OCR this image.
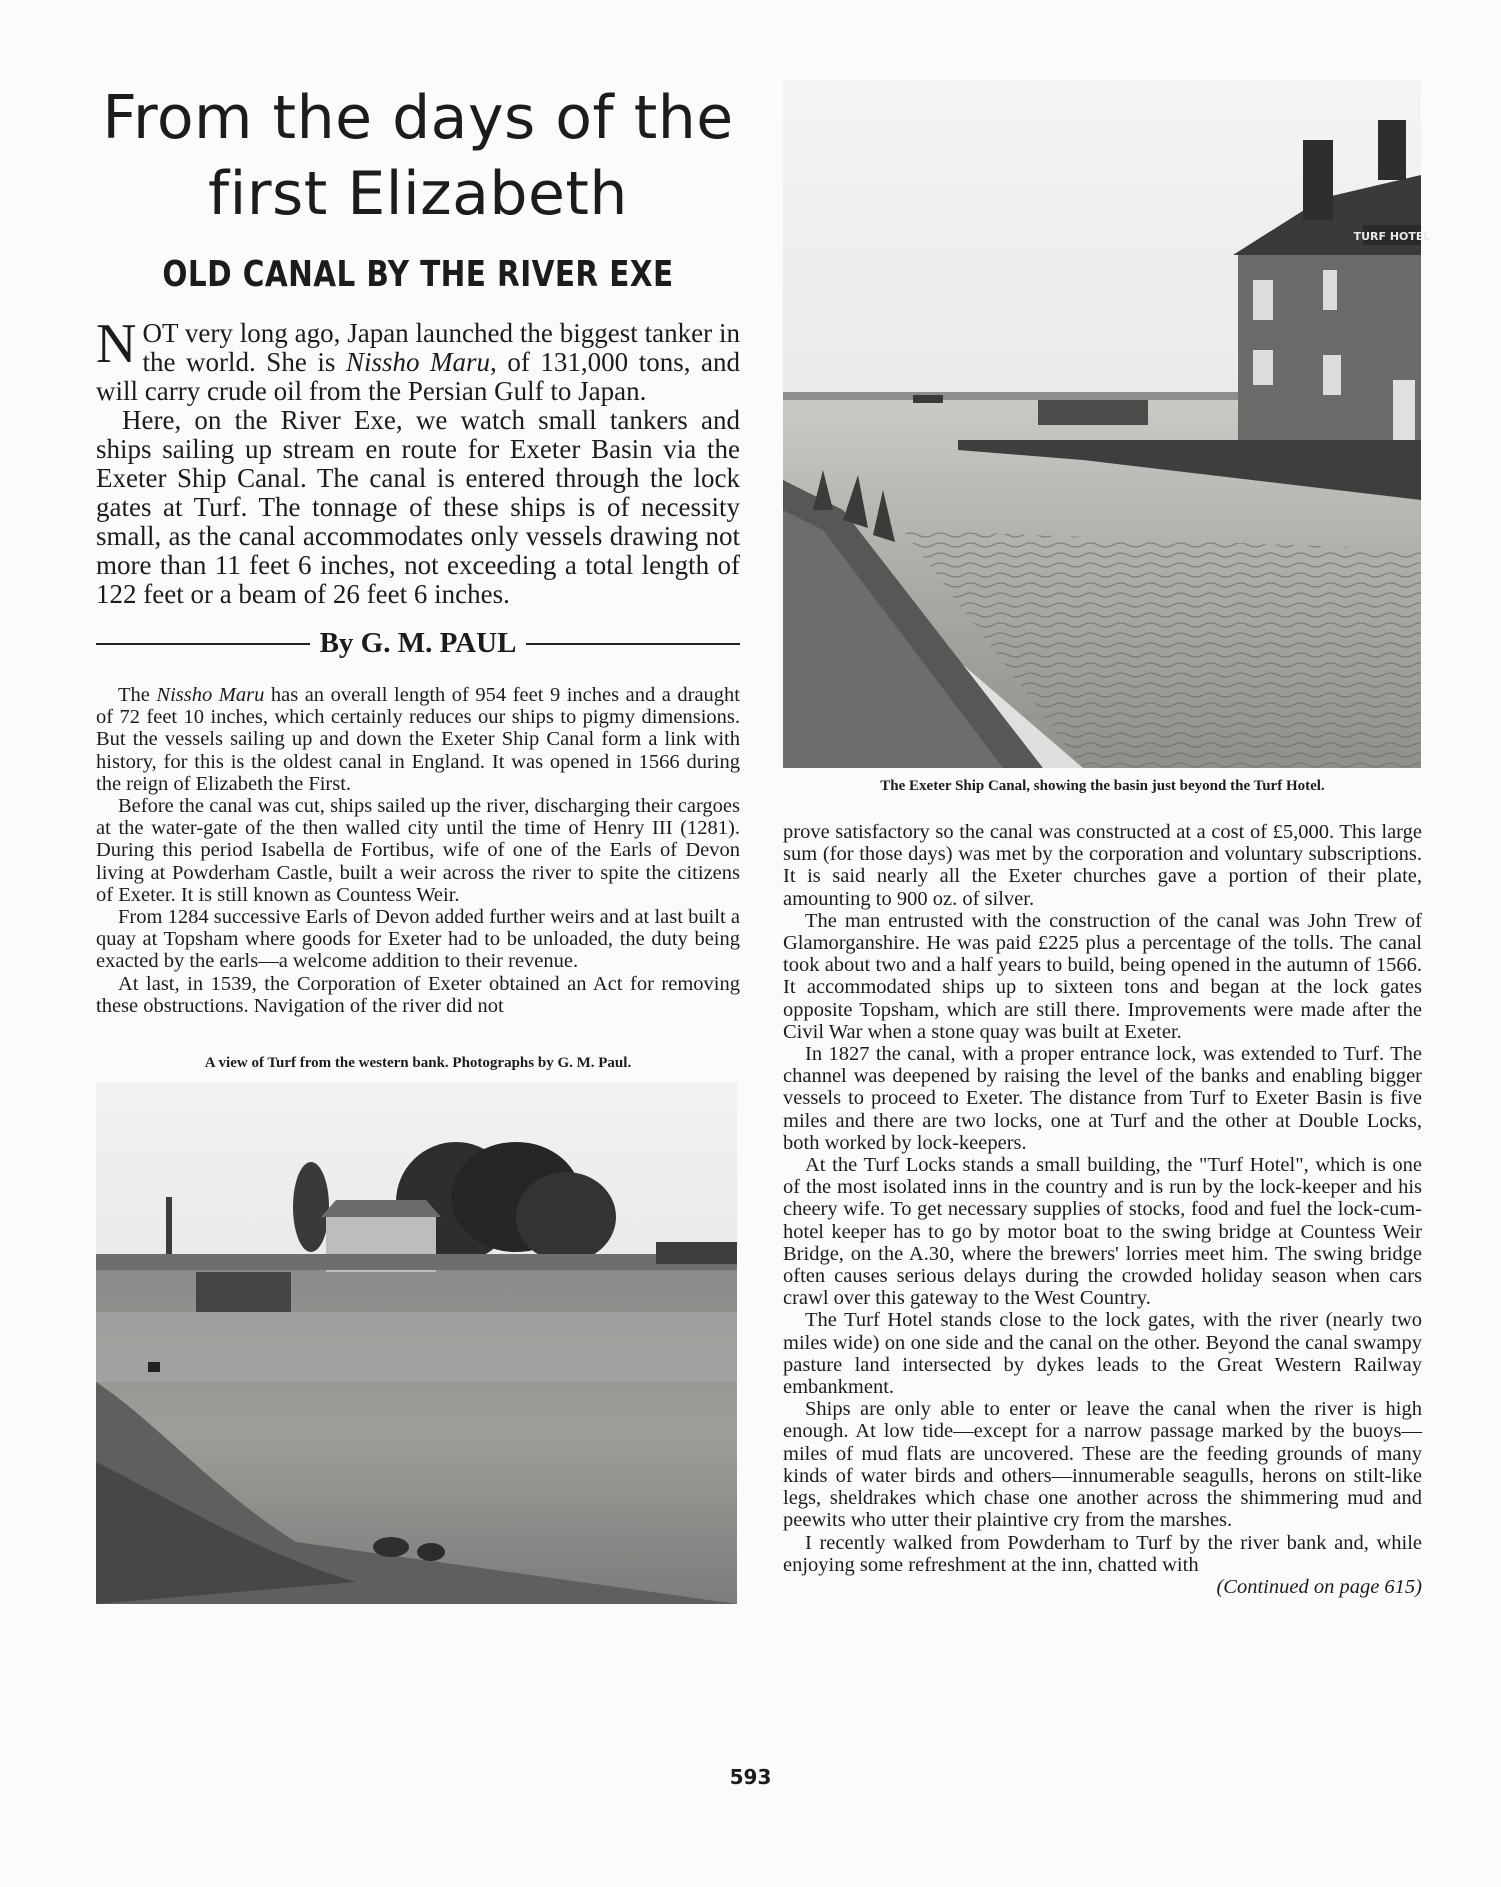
From the days of the
first Elizabeth
OLD CANAL BY THE RIVER EXE

NOT very long ago, Japan launched the biggest tanker in the world. She is Nissho Maru, of 131,000 tons, and will carry crude oil from the Persian Gulf to Japan.

Here, on the River Exe, we watch small tankers and ships sailing up stream en route for Exeter Basin via the Exeter Ship Canal. The canal is entered through the lock gates at Turf. The tonnage of these ships is of necessity small, as the canal accommodates only vessels drawing not more than 11 feet 6 inches, not exceeding a total length of 122 feet or a beam of 26 feet 6 inches.

By G. M. PAUL

The Nissho Maru has an overall length of 954 feet 9 inches and a draught of 72 feet 10 inches, which certainly reduces our ships to pigmy dimensions. But the vessels sailing up and down the Exeter Ship Canal form a link with history, for this is the oldest canal in England. It was opened in 1566 during the reign of Elizabeth the First.

Before the canal was cut, ships sailed up the river, discharging their cargoes at the water-gate of the then walled city until the time of Henry III (1281). During this period Isabella de Fortibus, wife of one of the Earls of Devon living at Powderham Castle, built a weir across the river to spite the citizens of Exeter. It is still known as Countess Weir.

From 1284 successive Earls of Devon added further weirs and at last built a quay at Topsham where goods for Exeter had to be unloaded, the duty being exacted by the earls—a welcome addition to their revenue.

At last, in 1539, the Corporation of Exeter obtained an Act for removing these obstructions. Navigation of the river did not

A view of Turf from the western bank. Photographs by G. M. Paul.

TURF HOTEL

The Exeter Ship Canal, showing the basin just beyond the Turf Hotel.

prove satisfactory so the canal was constructed at a cost of £5,000. This large sum (for those days) was met by the corporation and voluntary subscriptions. It is said nearly all the Exeter churches gave a portion of their plate, amounting to 900 oz. of silver.

The man entrusted with the construction of the canal was John Trew of Glamorganshire. He was paid £225 plus a percentage of the tolls. The canal took about two and a half years to build, being opened in the autumn of 1566. It accommodated ships up to sixteen tons and began at the lock gates opposite Topsham, which are still there. Improvements were made after the Civil War when a stone quay was built at Exeter.

In 1827 the canal, with a proper entrance lock, was extended to Turf. The channel was deepened by raising the level of the banks and enabling bigger vessels to proceed to Exeter. The distance from Turf to Exeter Basin is five miles and there are two locks, one at Turf and the other at Double Locks, both worked by lock-keepers.

At the Turf Locks stands a small building, the "Turf Hotel", which is one of the most isolated inns in the country and is run by the lock-keeper and his cheery wife. To get necessary supplies of stocks, food and fuel the lock-cum-hotel keeper has to go by motor boat to the swing bridge at Countess Weir Bridge, on the A.30, where the brewers' lorries meet him. The swing bridge often causes serious delays during the crowded holiday season when cars crawl over this gateway to the West Country.

The Turf Hotel stands close to the lock gates, with the river (nearly two miles wide) on one side and the canal on the other. Beyond the canal swampy pasture land intersected by dykes leads to the Great Western Railway embankment.

Ships are only able to enter or leave the canal when the river is high enough. At low tide—except for a narrow passage marked by the buoys—miles of mud flats are uncovered. These are the feeding grounds of many kinds of water birds and others—innumerable seagulls, herons on stilt-like legs, sheldrakes which chase one another across the shimmering mud and peewits who utter their plaintive cry from the marshes.

I recently walked from Powderham to Turf by the river bank and, while enjoying some refreshment at the inn, chatted with

(Continued on page 615)

593
